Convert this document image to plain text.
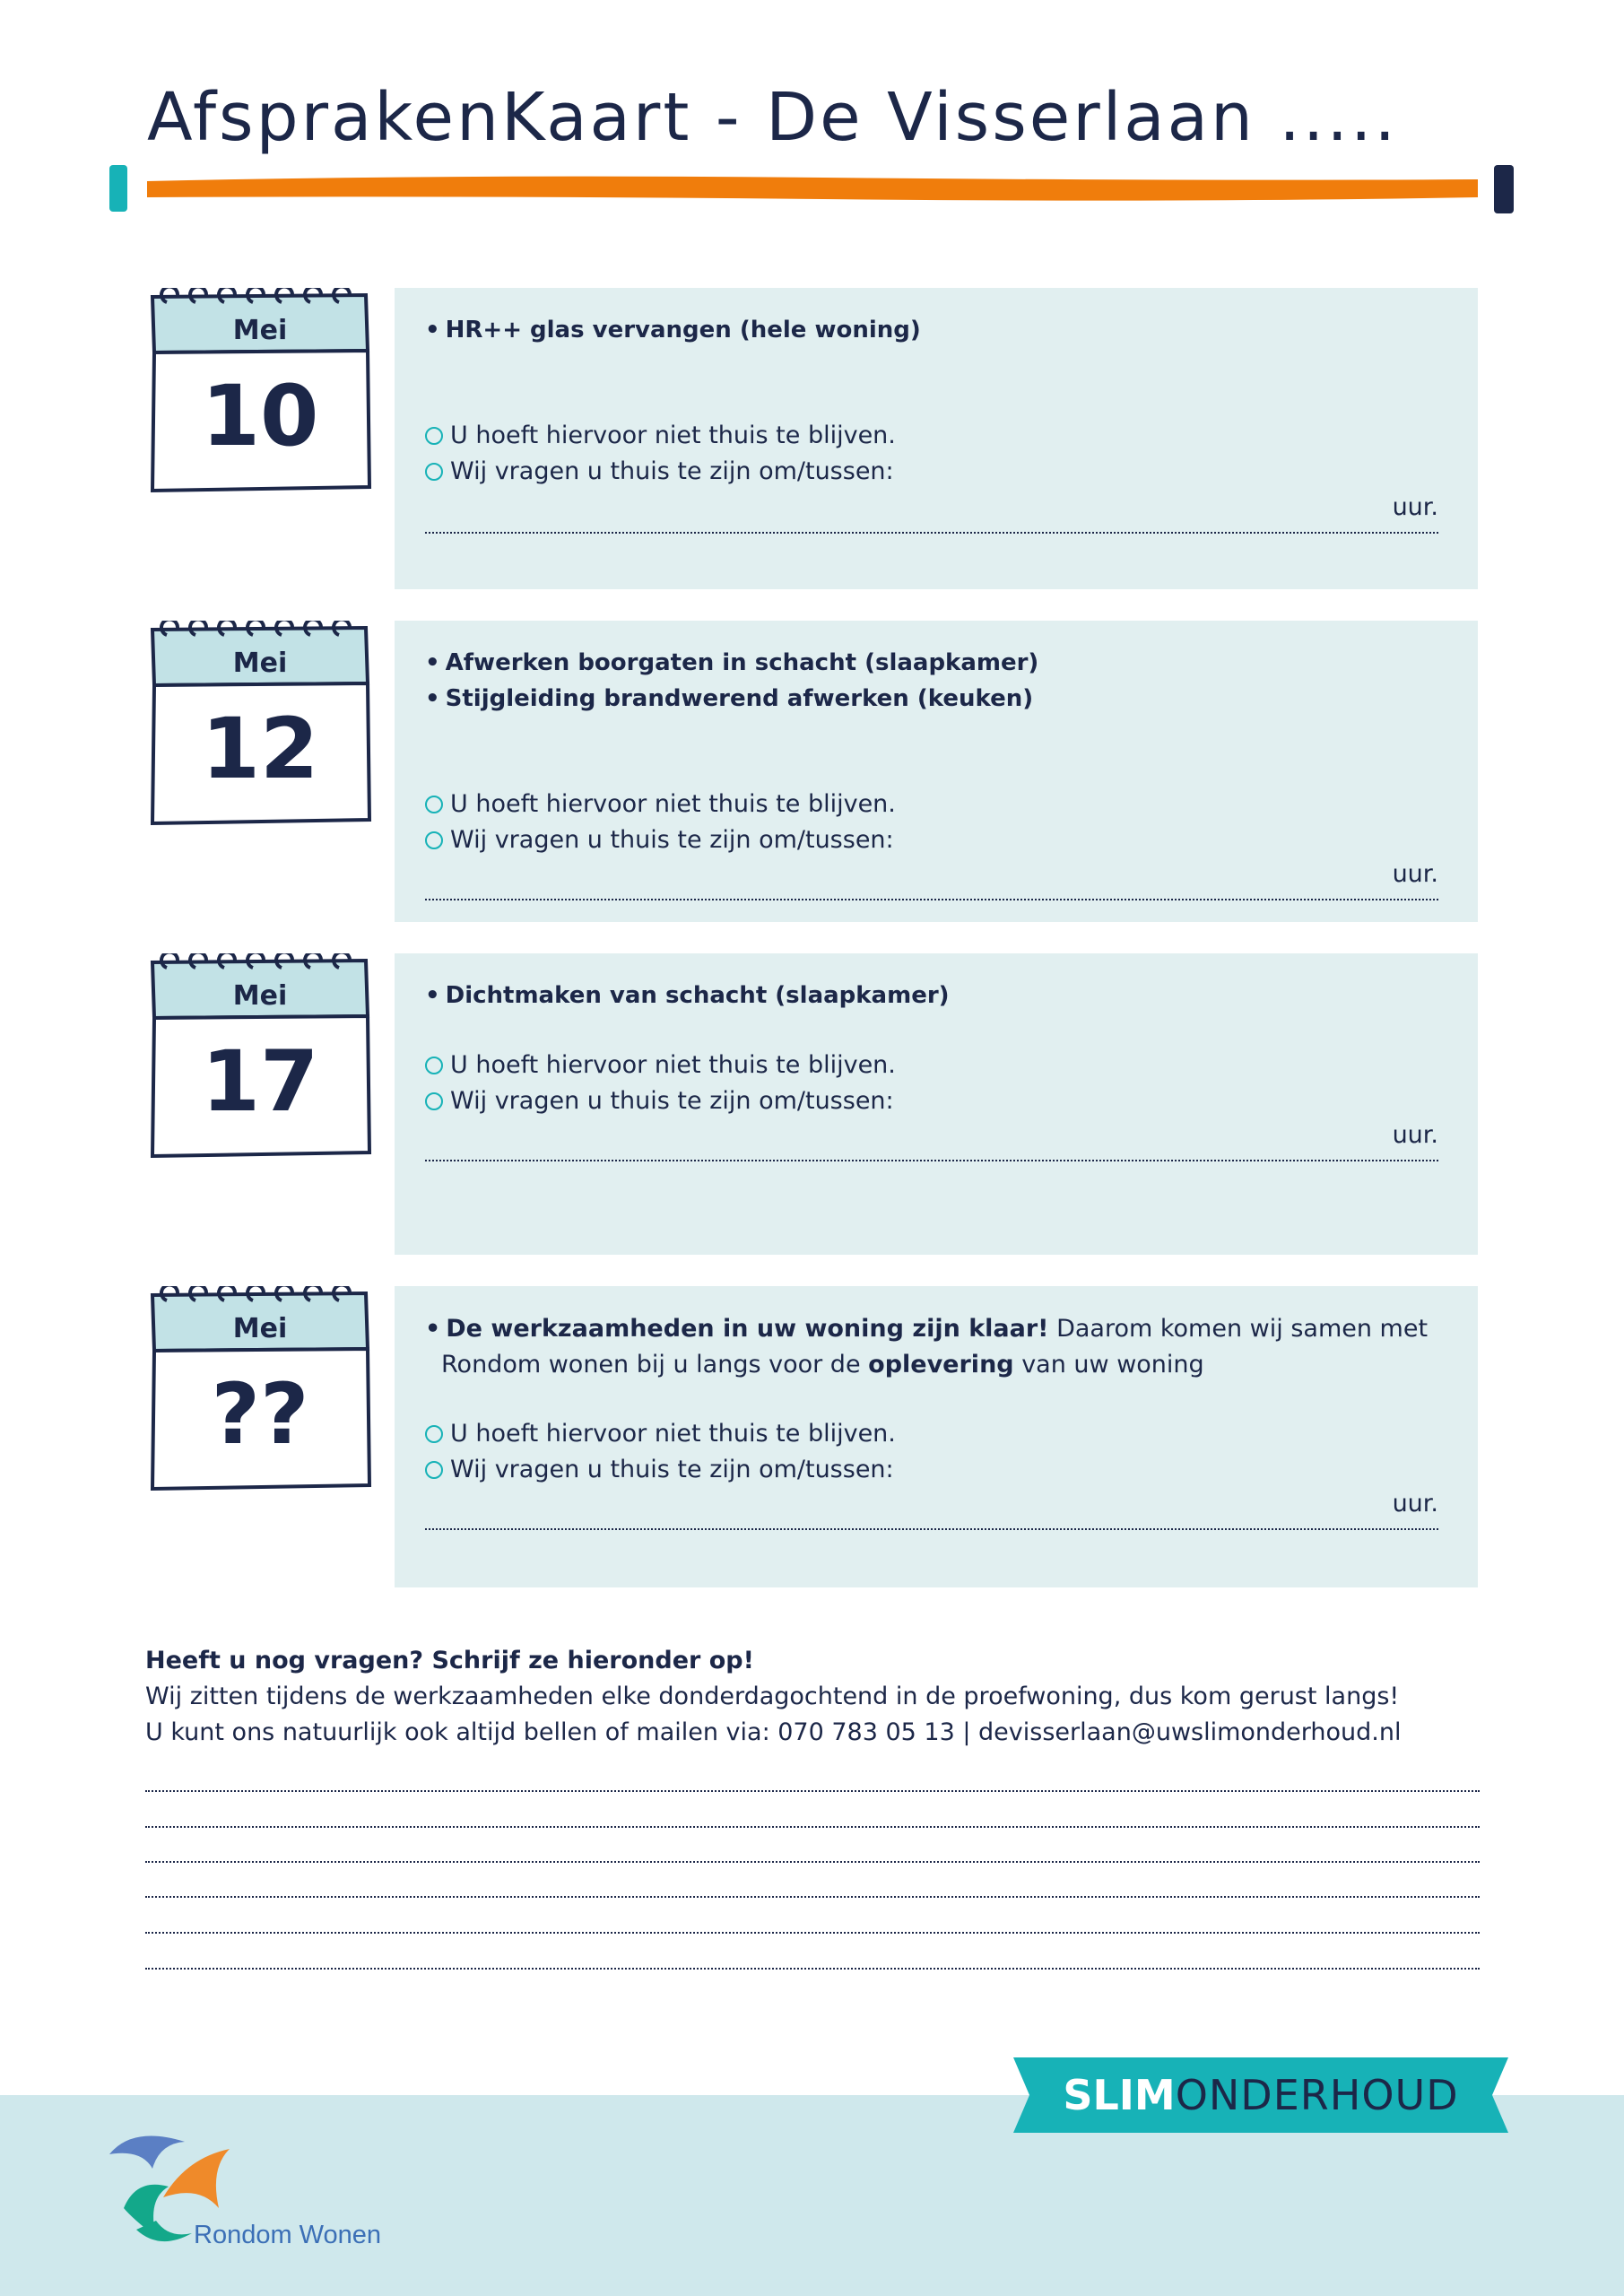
AfsprakenKaart - De Visserlaan .....
Mei
10
• HR++ glas vervangen (hele woning)
U hoeft hiervoor niet thuis te blijven.
Wij vragen u thuis te zijn om/tussen:
uur.
Mei
12
• Afwerken boorgaten in schacht (slaapkamer)
• Stijgleiding brandwerend afwerken (keuken)
U hoeft hiervoor niet thuis te blijven.
Wij vragen u thuis te zijn om/tussen:
uur.
Mei
17
• Dichtmaken van schacht (slaapkamer)
U hoeft hiervoor niet thuis te blijven.
Wij vragen u thuis te zijn om/tussen:
uur.
Mei
??
• De werkzaamheden in uw woning zijn klaar! Daarom komen wij samen met
Rondom wonen bij u langs voor de oplevering van uw woning
U hoeft hiervoor niet thuis te blijven.
Wij vragen u thuis te zijn om/tussen:
uur.
Heeft u nog vragen? Schrijf ze hieronder op!
Wij zitten tijdens de werkzaamheden elke donderdagochtend in de proefwoning, dus kom gerust langs!
U kunt ons natuurlijk ook altijd bellen of mailen via: 070 783 05 13 | devisserlaan@uwslimonderhoud.nl
SLIMONDERHOUD
Rondom Wonen
